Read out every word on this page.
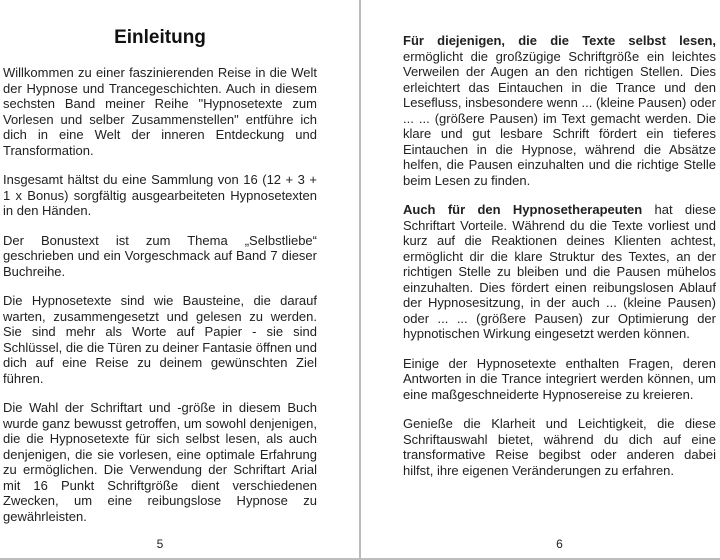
Einleitung

Willkommen zu einer faszinierenden Reise in die Welt der Hypnose und Trancegeschichten. Auch in diesem sechsten Band meiner Reihe "Hypnosetexte zum Vorlesen und selber Zusammenstellen" entführe ich dich in eine Welt der inneren Entdeckung und Transformation.

Insgesamt hältst du eine Sammlung von 16 (12 + 3 + 1 x Bonus) sorgfältig ausgearbeiteten Hypnosetexten in den Händen.

Der Bonustext ist zum Thema „Selbstliebe“ geschrieben und ein Vorgeschmack auf Band 7 dieser Buchreihe.

Die Hypnosetexte sind wie Bausteine, die darauf warten, zusammengesetzt und gelesen zu werden. Sie sind mehr als Worte auf Papier - sie sind Schlüssel, die die Türen zu deiner Fantasie öffnen und dich auf eine Reise zu deinem gewünschten Ziel führen.

Die Wahl der Schriftart und -größe in diesem Buch wurde ganz bewusst getroffen, um sowohl denjenigen, die die Hypnosetexte für sich selbst lesen, als auch denjenigen, die sie vorlesen, eine optimale Erfahrung zu ermöglichen. Die Verwendung der Schriftart Arial mit 16 Punkt Schriftgröße dient verschiedenen Zwecken, um eine reibungslose Hypnose zu gewährleisten.

5

Für diejenigen, die die Texte selbst lesen, ermöglicht die großzügige Schriftgröße ein leichtes Verweilen der Augen an den richtigen Stellen. Dies erleichtert das Eintauchen in die Trance und den Lesefluss, insbesondere wenn ... (kleine Pausen) oder ... ... (größere Pausen) im Text gemacht werden. Die klare und gut lesbare Schrift fördert ein tieferes Eintauchen in die Hypnose, während die Absätze helfen, die Pausen einzuhalten und die richtige Stelle beim Lesen zu finden.

Auch für den Hypnosetherapeuten hat diese Schriftart Vorteile. Während du die Texte vorliest und kurz auf die Reaktionen deines Klienten achtest, ermöglicht dir die klare Struktur des Textes, an der richtigen Stelle zu bleiben und die Pausen mühelos einzuhalten. Dies fördert einen reibungslosen Ablauf der Hypnosesitzung, in der auch ... (kleine Pausen) oder ... ... (größere Pausen) zur Optimierung der hypnotischen Wirkung eingesetzt werden können.

Einige der Hypnosetexte enthalten Fragen, deren Antworten in die Trance integriert werden können, um eine maßgeschneiderte Hypnosereise zu kreieren.

Genieße die Klarheit und Leichtigkeit, die diese Schriftauswahl bietet, während du dich auf eine transformative Reise begibst oder anderen dabei hilfst, ihre eigenen Veränderungen zu erfahren.

6
